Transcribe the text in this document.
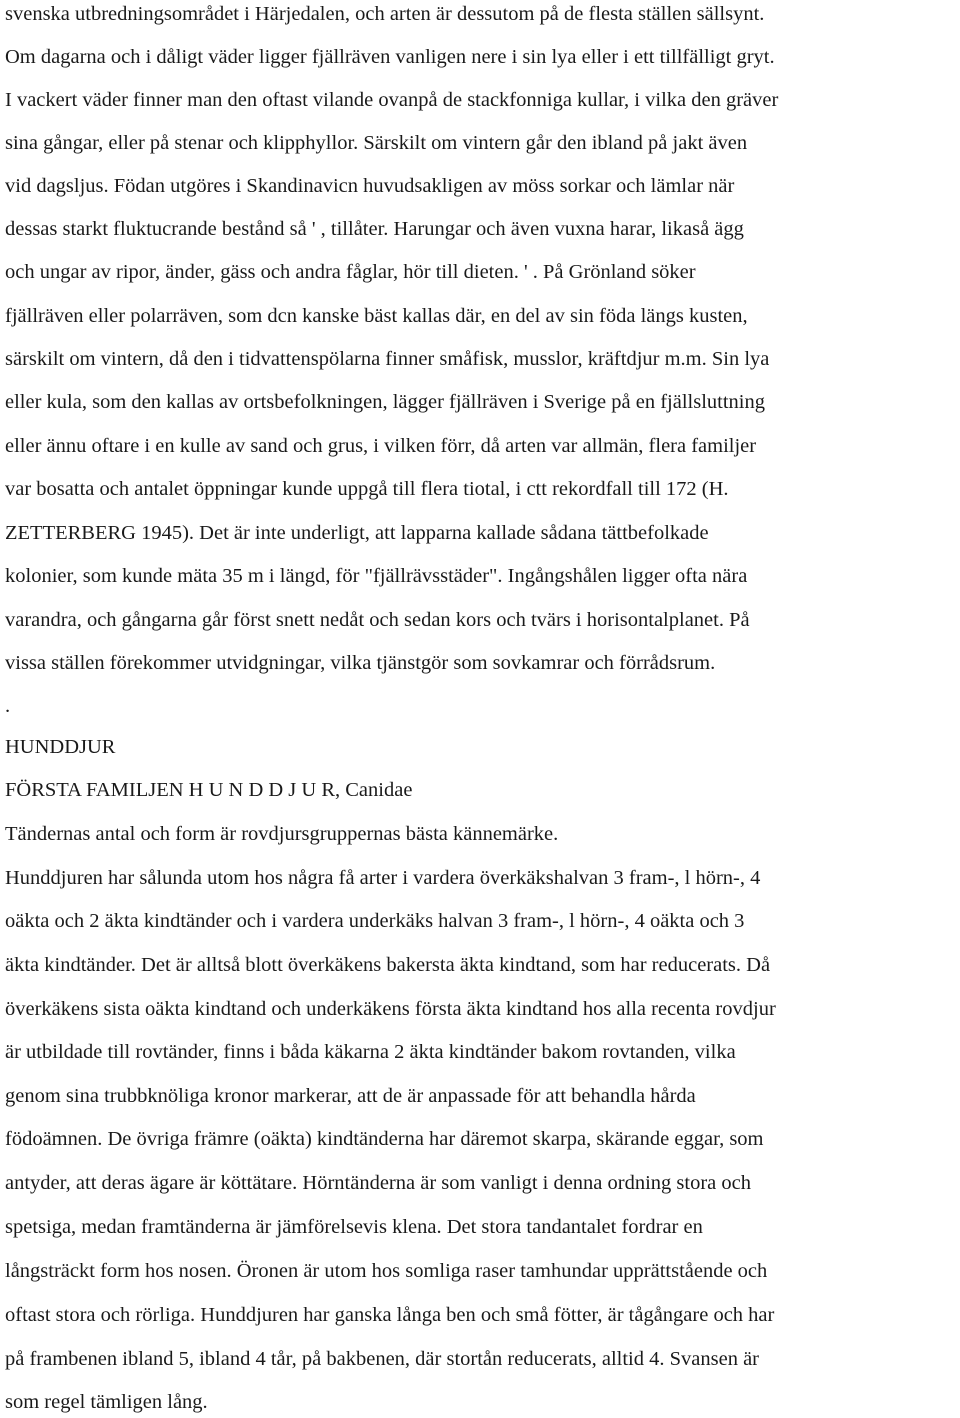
svenska utbredningsområdet i Härjedalen, och arten är dessutom på de flesta ställen sällsynt.
Om dagarna och i dåligt väder ligger fjällräven vanligen nere i sin lya eller i ett tillfälligt gryt.
I vackert väder finner man den oftast vilande ovanpå de stackfonniga kullar, i vilka den gräver
sina gångar, eller på stenar och klipphyllor. Särskilt om vintern går den ibland på jakt även
vid dagsljus. Födan utgöres i Skandinavicn huvudsakligen av möss sorkar och lämlar när
dessas starkt fluktucrande bestånd så ' , tillåter. Harungar och även vuxna harar, likaså ägg
och ungar av ripor, änder, gäss och andra fåglar, hör till dieten. ' . På Grönland söker
fjällräven eller polarräven, som dcn kanske bäst kallas där, en del av sin föda längs kusten,
särskilt om vintern, då den i tidvattenspölarna finner småfisk, musslor, kräftdjur m.m. Sin lya
eller kula, som den kallas av ortsbefolkningen, lägger fjällräven i Sverige på en fjällsluttning
eller ännu oftare i en kulle av sand och grus, i vilken förr, då arten var allmän, flera familjer
var bosatta och antalet öppningar kunde uppgå till flera tiotal, i ctt rekordfall till 172 (H.
ZETTERBERG 1945). Det är inte underligt, att lapparna kallade sådana tättbefolkade
kolonier, som kunde mäta 35 m i längd, för "fjällrävsstäder". Ingångshålen ligger ofta nära
varandra, och gångarna går först snett nedåt och sedan kors och tvärs i horisontalplanet. På
vissa ställen förekommer utvidgningar, vilka tjänstgör som sovkamrar och förrådsrum.
.
HUNDDJUR
FÖRSTA FAMILJEN H U N D D J U R, Canidae
Tändernas antal och form är rovdjursgruppernas bästa kännemärke.
Hunddjuren har sålunda utom hos några få arter i vardera överkäkshalvan 3 fram-, l hörn-, 4
oäkta och 2 äkta kindtänder och i vardera underkäks halvan 3 fram-, l hörn-, 4 oäkta och 3
äkta kindtänder. Det är alltså blott överkäkens bakersta äkta kindtand, som har reducerats. Då
överkäkens sista oäkta kindtand och underkäkens första äkta kindtand hos alla recenta rovdjur
är utbildade till rovtänder, finns i båda käkarna 2 äkta kindtänder bakom rovtanden, vilka
genom sina trubbknöliga kronor markerar, att de är anpassade för att behandla hårda
födoämnen. De övriga främre (oäkta) kindtänderna har däremot skarpa, skärande eggar, som
antyder, att deras ägare är köttätare. Hörntänderna är som vanligt i denna ordning stora och
spetsiga, medan framtänderna är jämförelsevis klena. Det stora tandantalet fordrar en
långsträckt form hos nosen. Öronen är utom hos somliga raser tamhundar upprättstående och
oftast stora och rörliga. Hunddjuren har ganska långa ben och små fötter, är tågångare och har
på frambenen ibland 5, ibland 4 tår, på bakbenen, där stortån reducerats, alltid 4. Svansen är
som regel tämligen lång.
